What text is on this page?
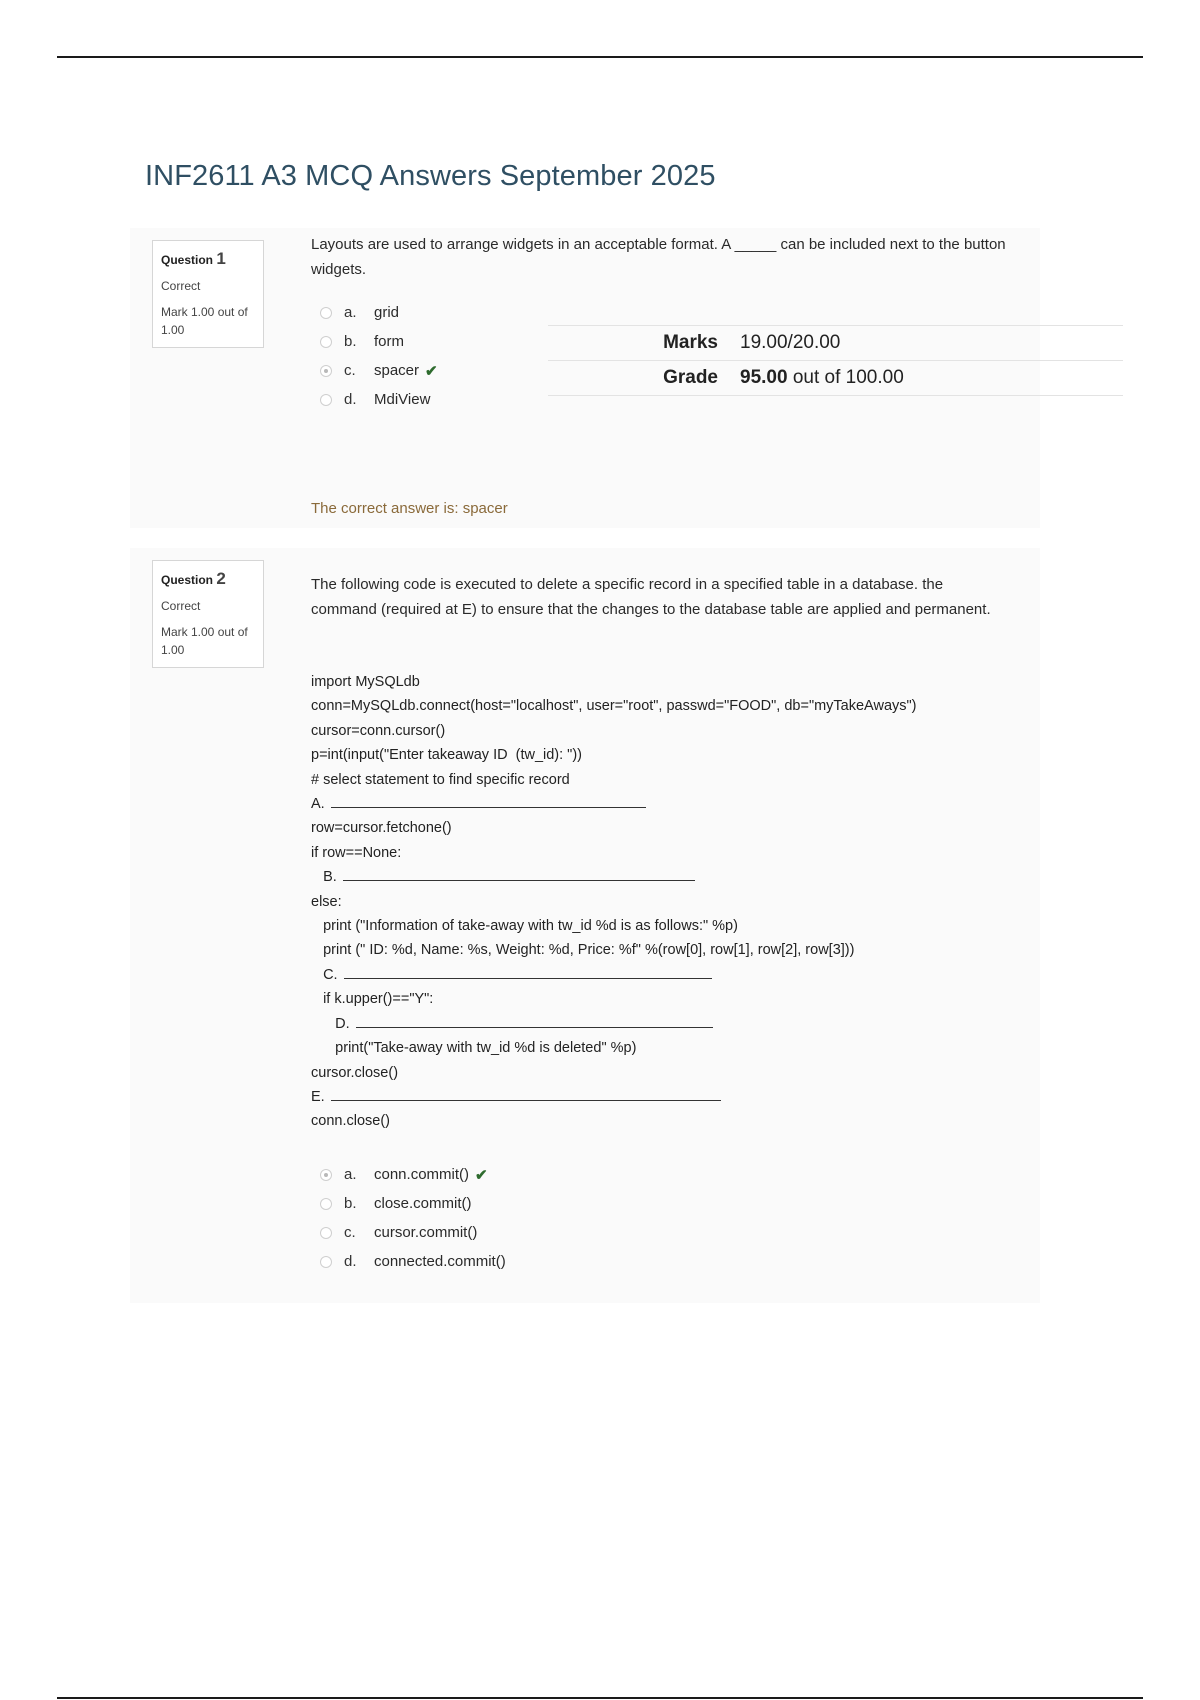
INF2611 A3 MCQ Answers September 2025
Question 1
Correct
Mark 1.00 out of 1.00
Layouts are used to arrange widgets in an acceptable format. A _____ can be included next to the button widgets.
a.	grid
b.	form
c.	spacer ✔
d.	MdiView
The correct answer is: spacer
Marks	19.00/20.00
Grade	95.00 out of 100.00
Question 2
Correct
Mark 1.00 out of 1.00
The following code is executed to delete a specific record in a specified table in a database. the command (required at E) to ensure that the changes to the database table are applied and permanent.
import MySQLdb
conn=MySQLdb.connect(host="localhost", user="root", passwd="FOOD", db="myTakeAways")
cursor=conn.cursor()
p=int(input("Enter takeaway ID  (tw_id): "))
# select statement to find specific record
A.
row=cursor.fetchone()
if row==None:
B.
else:
print ("Information of take-away with tw_id %d is as follows:" %p)
print (" ID: %d, Name: %s, Weight: %d, Price: %f" %(row[0], row[1], row[2], row[3]))
C.
if k.upper()=="Y":
D.
print("Take-away with tw_id %d is deleted" %p)
cursor.close()
E.
conn.close()
a.	conn.commit() ✔
b.	close.commit()
c.	cursor.commit()
d.	connected.commit()
